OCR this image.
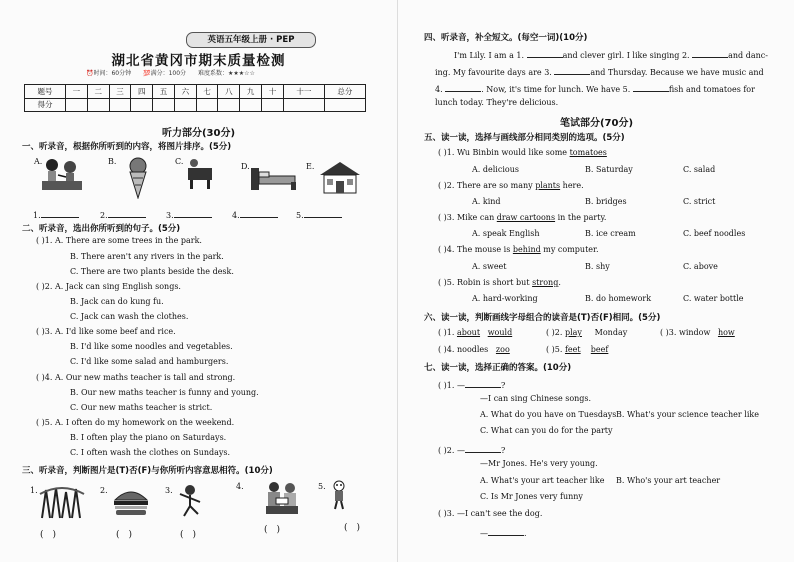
英语五年级上册 · PEP
湖北省黄冈市期末质量检测
⏰时间：60分钟　　💯满分：100分　　难度系数：★★★☆☆
题号	一	二	三	四	五	六	七	八	九	十	十一	总分
得分												
听力部分(30分)
一、听录音，根据你所听到的内容，将图片排序。(5分)
A.	B.	C.
D.	E.
1.	2.	3.	4.	5.
二、听录音，选出你所听到的句子。(5分)
( )1. A. There are some trees in the park.
B. There aren't any rivers in the park.
C. There are two plants beside the desk.
( )2. A. Jack can sing English songs.
B. Jack can do kung fu.
C. Jack can wash the clothes.
( )3. A. I'd like some beef and rice.
B. I'd like some noodles and vegetables.
C. I'd like some salad and hamburgers.
( )4. A. Our new maths teacher is tall and strong.
B. Our new maths teacher is funny and young.
C. Our new maths teacher is strict.
( )5. A. I often do my homework on the weekend.
B. I often play the piano on Saturdays.
C. I often wash the clothes on Sundays.
三、听录音，判断图片是(T)否(F)与你所听内容意思相符。(10分)
1.
(　)
2.
(　)
3.
(　)
4.
(　)
5.
(　)
四、听录音，补全短文。(每空一词)(10分)
I'm Lily. I am a 1.	and clever girl. I like singing 2.	and danc-
ing. My favourite days are 3.	and Thursday. Because we have music and
4.	. Now, it's time for lunch. We have 5.	fish and tomatoes for
lunch today. They're delicious.
笔试部分(70分)
五、读一读，选择与画线部分相同类别的选项。(5分)
( )1. Wu Binbin would like some tomatoes
A. delicious	B. Saturday	C. salad
( )2. There are so many plants here.
A. kind	B. bridges	C. strict
( )3. Mike can draw cartoons in the party.
A. speak English	B. ice cream	C. beef noodles
( )4. The mouse is behind my computer.
A. sweet	B. shy	C. above
( )5. Robin is short but strong.
A. hard-working	B. do homework	C. water bottle
六、读一读，判断画线字母组合的读音是(T)否(F)相同。(5分)
( )1. about would	( )2. play Monday	( )3. window how
( )4. noodles zoo	( )5. feet beef
七、读一读，选择正确的答案。(10分)
( )1. —	?
—I can sing Chinese songs.
A. What do you have on Tuesdays B. What's your science teacher like
C. What can you do for the party
( )2. —	?
—Mr Jones. He's very young.
A. What's your art teacher like B. Who's your art teacher
C. Is Mr Jones very funny
( )3. —I can't see the dog.
—	.
